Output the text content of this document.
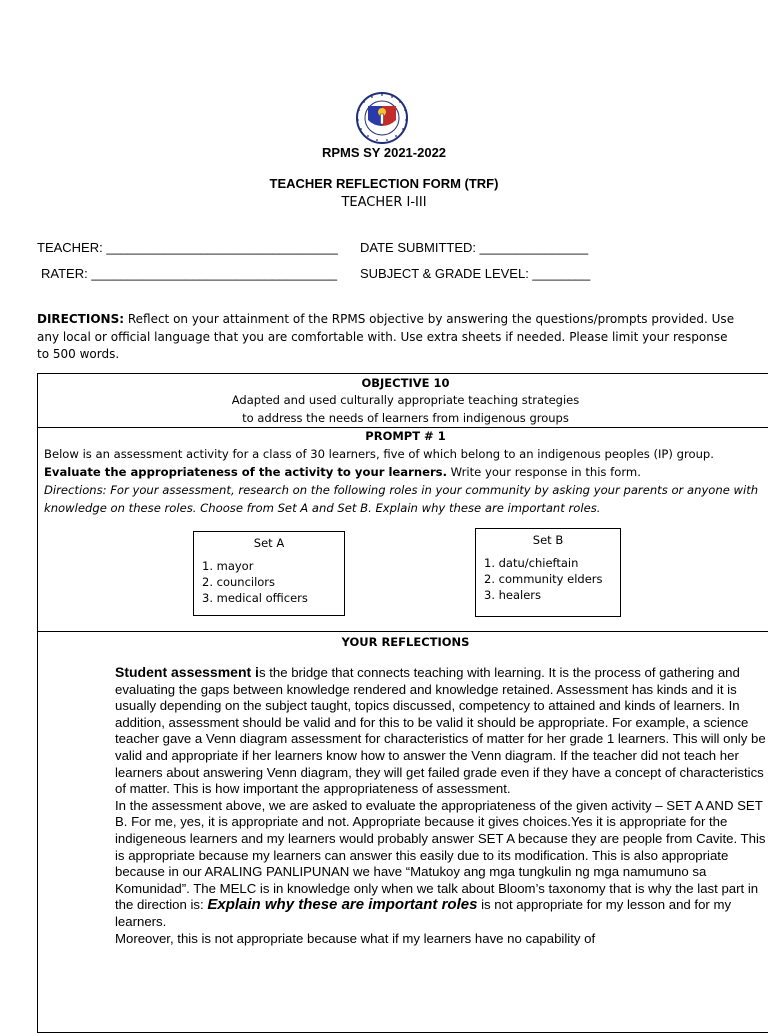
RPMS SY 2021-2022
TEACHER REFLECTION FORM (TRF)
TEACHER I-III
TEACHER: ________________________________ DATE SUBMITTED: _______________
RATER: __________________________________ SUBJECT & GRADE LEVEL: ________
DIRECTIONS: Reflect on your attainment of the RPMS objective by answering the questions/prompts provided. Use any local or official language that you are comfortable with. Use extra sheets if needed. Please limit your response to 500 words.
OBJECTIVE 10
Adapted and used culturally appropriate teaching strategies
to address the needs of learners from indigenous groups
PROMPT # 1
Below is an assessment activity for a class of 30 learners, five of which belong to an indigenous peoples (IP) group. Evaluate the appropriateness of the activity to your learners. Write your response in this form.
Directions: For your assessment, research on the following roles in your community by asking your parents or anyone with knowledge on these roles. Choose from Set A and Set B. Explain why these are important roles.
Set A
1. mayor
2. councilors
3. medical officers
Set B
1. datu/chieftain
2. community elders
3. healers
YOUR REFLECTIONS

Student assessment is the bridge that connects teaching with learning. It is the process of gathering and evaluating the gaps between knowledge rendered and knowledge retained. Assessment has kinds and it is usually depending on the subject taught, topics discussed, competency to attained and kinds of learners. In addition, assessment should be valid and for this to be valid it should be appropriate. For example, a science teacher gave a Venn diagram assessment for characteristics of matter for her grade 1 learners. This will only be valid and appropriate if her learners know how to answer the Venn diagram. If the teacher did not teach her learners about answering Venn diagram, they will get failed grade even if they have a concept of characteristics of matter. This is how important the appropriateness of assessment.

In the assessment above, we are asked to evaluate the appropriateness of the given activity – SET A AND SET B. For me, yes, it is appropriate and not. Appropriate because it gives choices.Yes it is appropriate for the indigeneous learners and my learners would probably answer SET A because they are people from Cavite. This is appropriate because my learners can answer this easily due to its modification. This is also appropriate because in our ARALING PANLIPUNAN we have “Matukoy ang mga tungkulin ng mga namumuno sa Komunidad”. The MELC is in knowledge only when we talk about Bloom’s taxonomy that is why the last part in the direction is: Explain why these are important roles is not appropriate for my lesson and for my learners.

Moreover, this is not appropriate because what if my learners have no capability of
